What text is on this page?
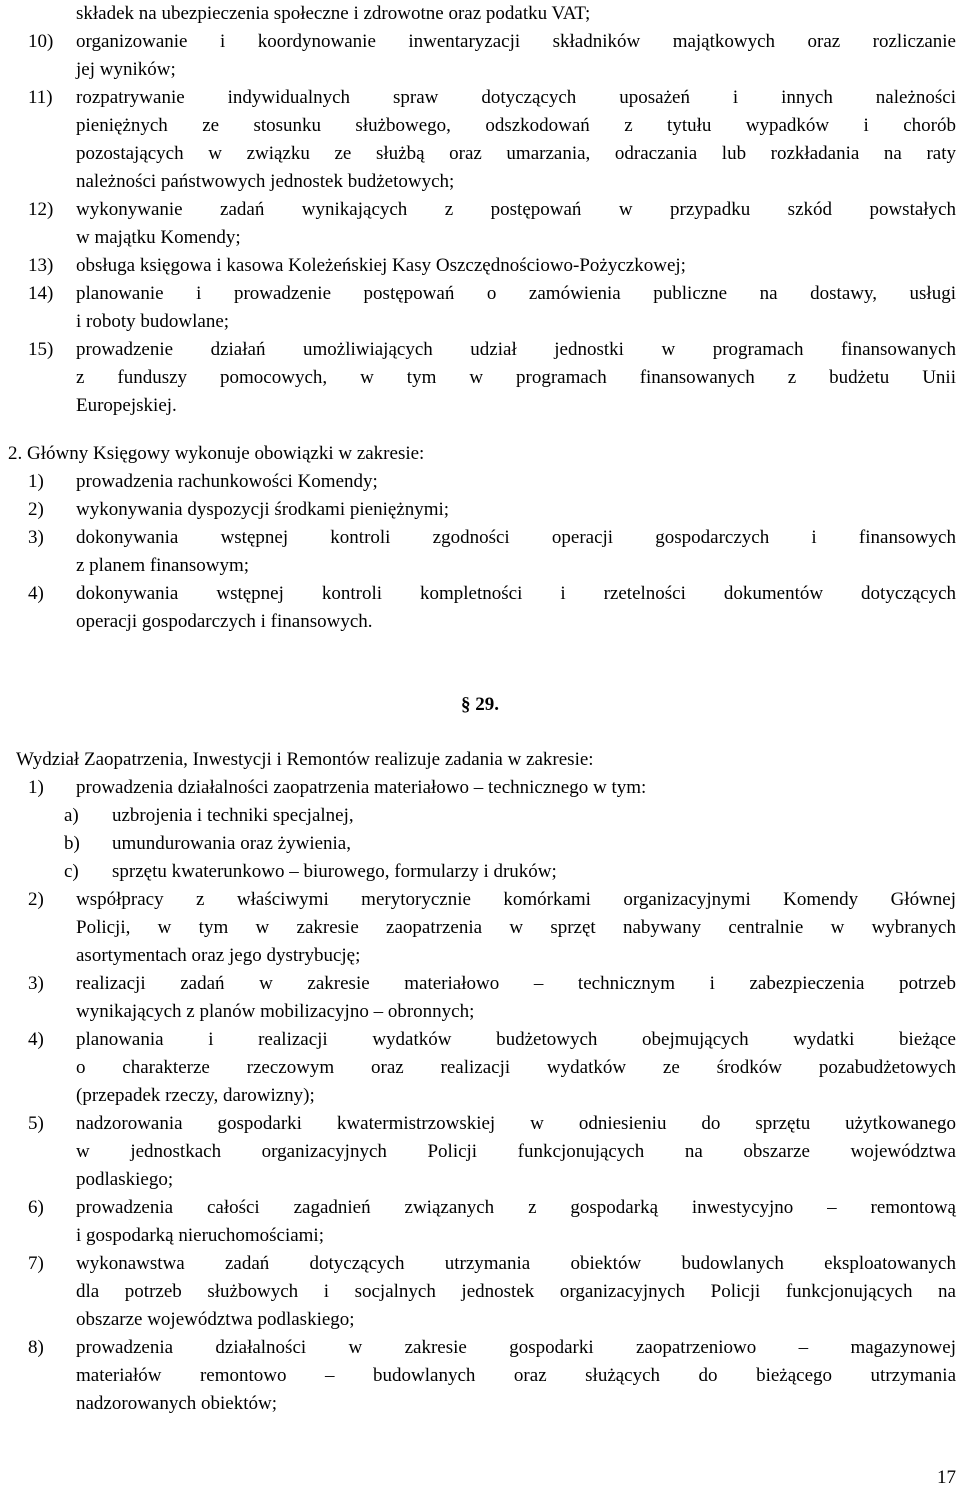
składek na ubezpieczenia społeczne i zdrowotne oraz podatku VAT;
10) organizowanie i koordynowanie inwentaryzacji składników majątkowych oraz rozliczanie
jej wyników;
11) rozpatrywanie indywidualnych spraw dotyczących uposażeń i innych należności
pieniężnych ze stosunku służbowego, odszkodowań z tytułu wypadków i chorób
pozostających w związku ze służbą oraz umarzania, odraczania lub rozkładania na raty
należności państwowych jednostek budżetowych;
12) wykonywanie zadań wynikających z postępowań w przypadku szkód powstałych
w majątku Komendy;
13) obsługa księgowa i kasowa Koleżeńskiej Kasy Oszczędnościowo-Pożyczkowej;
14) planowanie i prowadzenie postępowań o zamówienia publiczne na dostawy, usługi
i roboty budowlane;
15) prowadzenie działań umożliwiających udział jednostki w programach finansowanych
z funduszy pomocowych, w tym w programach finansowanych z budżetu Unii
Europejskiej.
2. Główny Księgowy wykonuje obowiązki w zakresie:
1) prowadzenia rachunkowości Komendy;
2) wykonywania dyspozycji środkami pieniężnymi;
3) dokonywania wstępnej kontroli zgodności operacji gospodarczych i finansowych
z planem finansowym;
4) dokonywania wstępnej kontroli kompletności i rzetelności dokumentów dotyczących
operacji gospodarczych i finansowych.
§ 29.
Wydział Zaopatrzenia, Inwestycji i Remontów realizuje zadania w zakresie:
1) prowadzenia działalności zaopatrzenia materiałowo – technicznego w tym:
a) uzbrojenia i techniki specjalnej,
b) umundurowania oraz żywienia,
c) sprzętu kwaterunkowo – biurowego, formularzy i druków;
2) współpracy z właściwymi merytorycznie komórkami organizacyjnymi Komendy Głównej
Policji, w tym w zakresie zaopatrzenia w sprzęt nabywany centralnie w wybranych
asortymentach oraz jego dystrybucję;
3) realizacji zadań w zakresie materiałowo – technicznym i zabezpieczenia potrzeb
wynikających z planów mobilizacyjno – obronnych;
4) planowania i realizacji wydatków budżetowych obejmujących wydatki bieżące
o charakterze rzeczowym oraz realizacji wydatków ze środków pozabudżetowych
(przepadek rzeczy, darowizny);
5) nadzorowania gospodarki kwatermistrzowskiej w odniesieniu do sprzętu użytkowanego
w jednostkach organizacyjnych Policji funkcjonujących na obszarze województwa
podlaskiego;
6) prowadzenia całości zagadnień związanych z gospodarką inwestycyjno – remontową
i gospodarką nieruchomościami;
7) wykonawstwa zadań dotyczących utrzymania obiektów budowlanych eksploatowanych
dla potrzeb służbowych i socjalnych jednostek organizacyjnych Policji funkcjonujących na
obszarze województwa podlaskiego;
8) prowadzenia działalności w zakresie gospodarki zaopatrzeniowo – magazynowej
materiałów remontowo – budowlanych oraz służących do bieżącego utrzymania
nadzorowanych obiektów;
17
